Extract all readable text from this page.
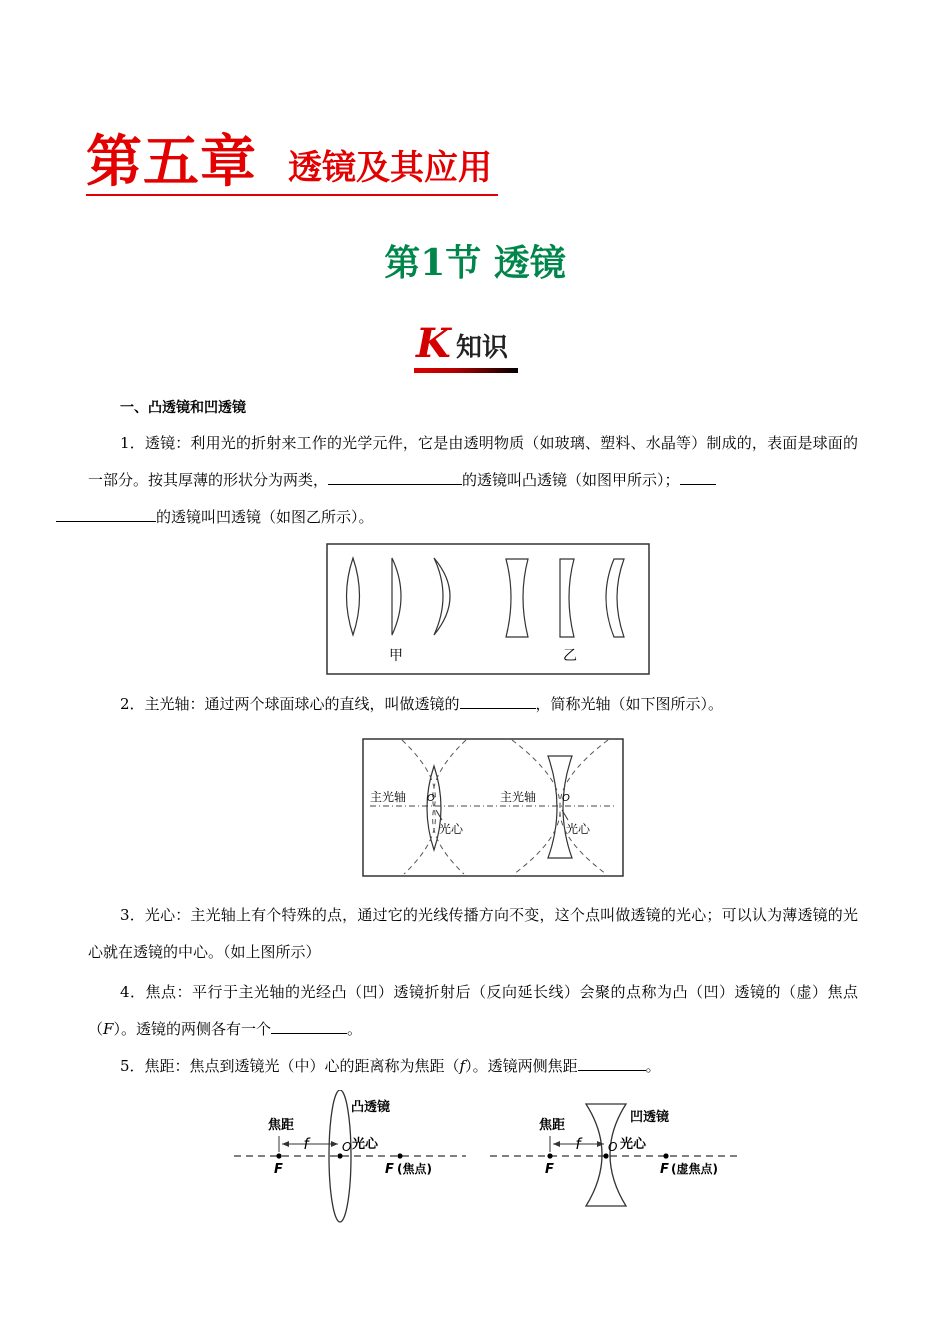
第五章 透镜及其应用
第1节 透镜
K 知识
一、凸透镜和凹透镜
1．透镜：利用光的折射来工作的光学元件，它是由透明物质（如玻璃、塑料、水晶等）制成的，表面是球面的一部分。按其厚薄的形状分为两类，	的透镜叫凸透镜（如图甲所示）；
的透镜叫凹透镜（如图乙所示）。
甲	乙
2．主光轴：通过两个球面球心的直线，叫做透镜的	，简称光轴（如下图所示）。
主光轴 O
光心
主光轴	O
光心
3．光心：主光轴上有个特殊的点，通过它的光线传播方向不变，这个点叫做透镜的光心；可以认为薄透镜的光心就在透镜的中心。（如上图所示）
4．焦点：平行于主光轴的光经凸（凹）透镜折射后（反向延长线）会聚的点称为凸（凹）透镜的（虚）焦点（F）。透镜的两侧各有一个	。
5．焦距：焦点到透镜光（中）心的距离称为焦距（f）。透镜两侧焦距	。
焦距
f
凸透镜
O 光心
F	F (焦点)
焦距
f
凹透镜
O 光心
F	F (虚焦点)
